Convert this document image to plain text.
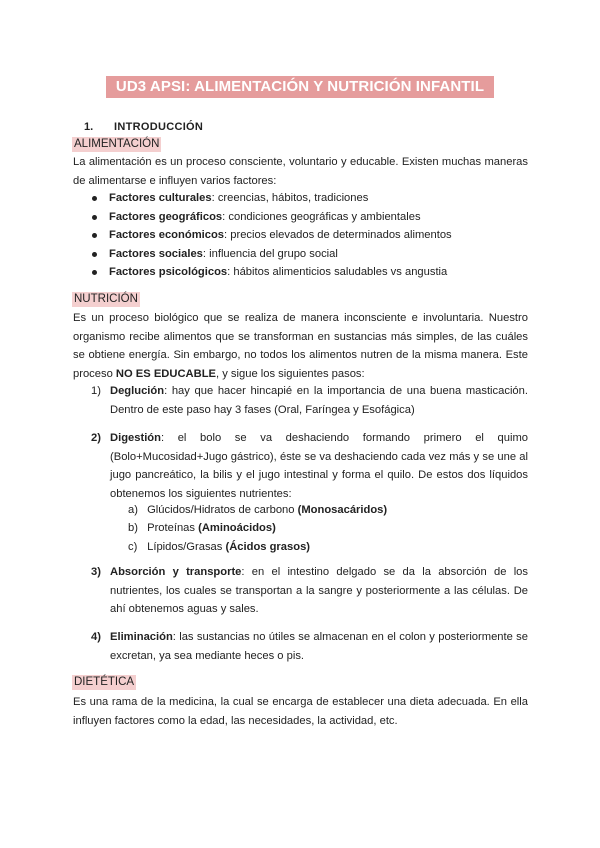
UD3 APSI: ALIMENTACIÓN Y NUTRICIÓN INFANTIL
1. INTRODUCCIÓN
ALIMENTACIÓN
La alimentación es un proceso consciente, voluntario y educable. Existen muchas maneras de alimentarse e influyen varios factores:
Factores culturales: creencias, hábitos, tradiciones
Factores geográficos: condiciones geográficas y ambientales
Factores económicos: precios elevados de determinados alimentos
Factores sociales: influencia del grupo social
Factores psicológicos: hábitos alimenticios saludables vs angustia
NUTRICIÓN
Es un proceso biológico que se realiza de manera inconsciente e involuntaria. Nuestro organismo recibe alimentos que se transforman en sustancias más simples, de las cuáles se obtiene energía. Sin embargo, no todos los alimentos nutren de la misma manera. Este proceso NO ES EDUCABLE, y sigue los siguientes pasos:
1) Deglución: hay que hacer hincapié en la importancia de una buena masticación. Dentro de este paso hay 3 fases (Oral, Faríngea y Esofágica)
2) Digestión: el bolo se va deshaciendo formando primero el quimo (Bolo+Mucosidad+Jugo gástrico), éste se va deshaciendo cada vez más y se une al jugo pancreático, la bilis y el jugo intestinal y forma el quilo. De estos dos líquidos obtenemos los siguientes nutrientes:
a) Glúcidos/Hidratos de carbono (Monosacáridos)
b) Proteínas (Aminoácidos)
c) Lípidos/Grasas (Ácidos grasos)
3) Absorción y transporte: en el intestino delgado se da la absorción de los nutrientes, los cuales se transportan a la sangre y posteriormente a las células. De ahí obtenemos aguas y sales.
4) Eliminación: las sustancias no útiles se almacenan en el colon y posteriormente se excretan, ya sea mediante heces o pis.
DIETÉTICA
Es una rama de la medicina, la cual se encarga de establecer una dieta adecuada. En ella influyen factores como la edad, las necesidades, la actividad, etc.
